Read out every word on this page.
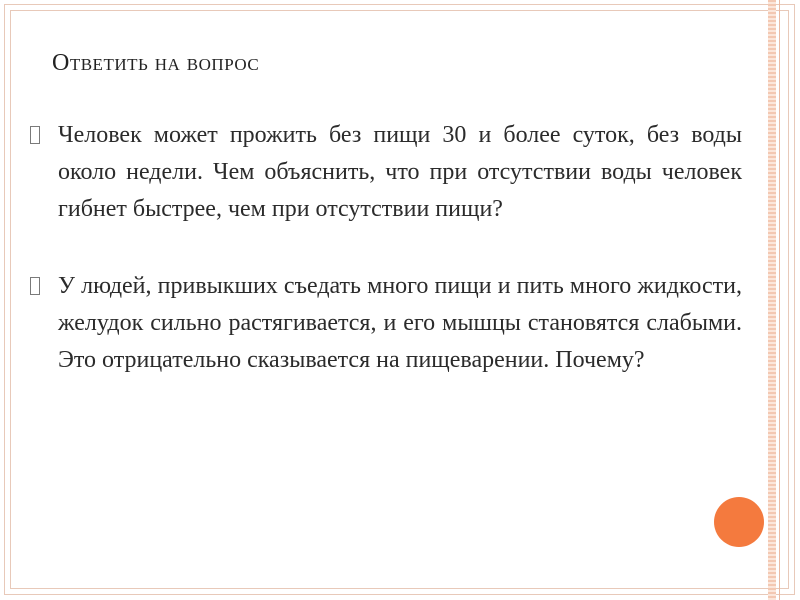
Ответить на вопрос
Человек может прожить без пищи 30 и более суток, без воды около недели. Чем объяснить, что при отсутствии воды человек гибнет быстрее, чем при отсутствии пищи?
У людей, привыкших съедать много пищи и пить много жидкости, желудок сильно растягивается, и его мышцы становятся слабыми. Это отрицательно сказывается на пищеварении. Почему?
